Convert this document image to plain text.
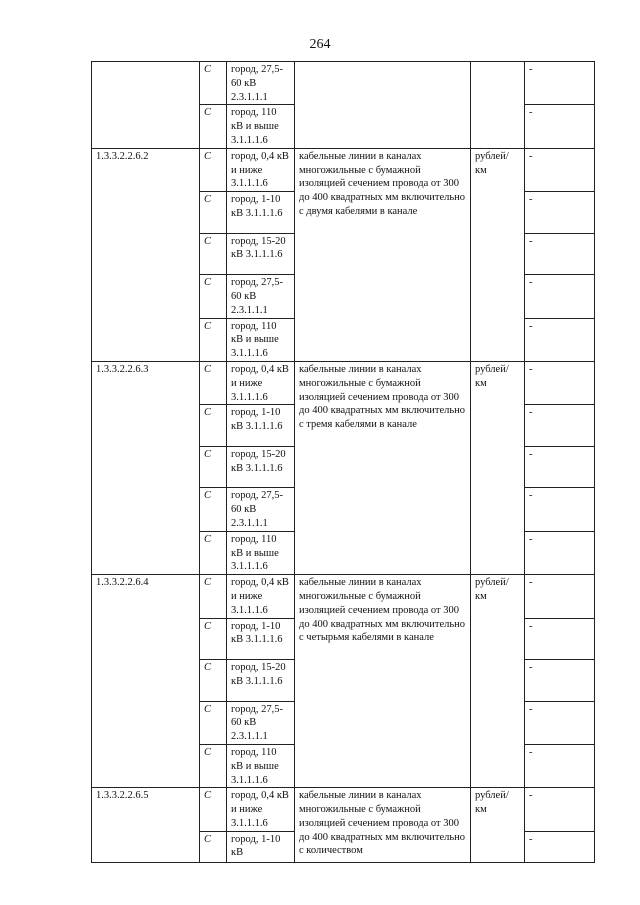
264
	С	город, 27,5-60 кВ 2.3.1.1.1			-
	С	город, 110 кВ и выше 3.1.1.1.6			-
1.3.3.2.2.6.2	С	город, 0,4 кВ и ниже 3.1.1.1.6	кабельные линии в каналах многожильные с бумажной изоляцией сечением провода от 300 до 400 квадратных мм включительно с двумя кабелями в канале	рублей/ км	-
	С	город, 1-10 кВ 3.1.1.1.6			-
	С	город, 15-20 кВ 3.1.1.1.6			-
	С	город, 27,5-60 кВ 2.3.1.1.1			-
	С	город, 110 кВ и выше 3.1.1.1.6			-
1.3.3.2.2.6.3	С	город, 0,4 кВ и ниже 3.1.1.1.6	кабельные линии в каналах многожильные с бумажной изоляцией сечением провода от 300 до 400 квадратных мм включительно с тремя кабелями в канале	рублей/ км	-
	С	город, 1-10 кВ 3.1.1.1.6			-
	С	город, 15-20 кВ 3.1.1.1.6			-
	С	город, 27,5-60 кВ 2.3.1.1.1			-
	С	город, 110 кВ и выше 3.1.1.1.6			-
1.3.3.2.2.6.4	С	город, 0,4 кВ и ниже 3.1.1.1.6	кабельные линии в каналах многожильные с бумажной изоляцией сечением провода от 300 до 400 квадратных мм включительно с четырьмя кабелями в канале	рублей/ км	-
	С	город, 1-10 кВ 3.1.1.1.6			-
	С	город, 15-20 кВ 3.1.1.1.6			-
	С	город, 27,5-60 кВ 2.3.1.1.1			-
	С	город, 110 кВ и выше 3.1.1.1.6			-
1.3.3.2.2.6.5	С	город, 0,4 кВ и ниже 3.1.1.1.6	кабельные линии в каналах многожильные с бумажной изоляцией сечением провода от 300 до 400 квадратных мм включительно с количеством	рублей/ км	-
	С	город, 1-10 кВ			-
